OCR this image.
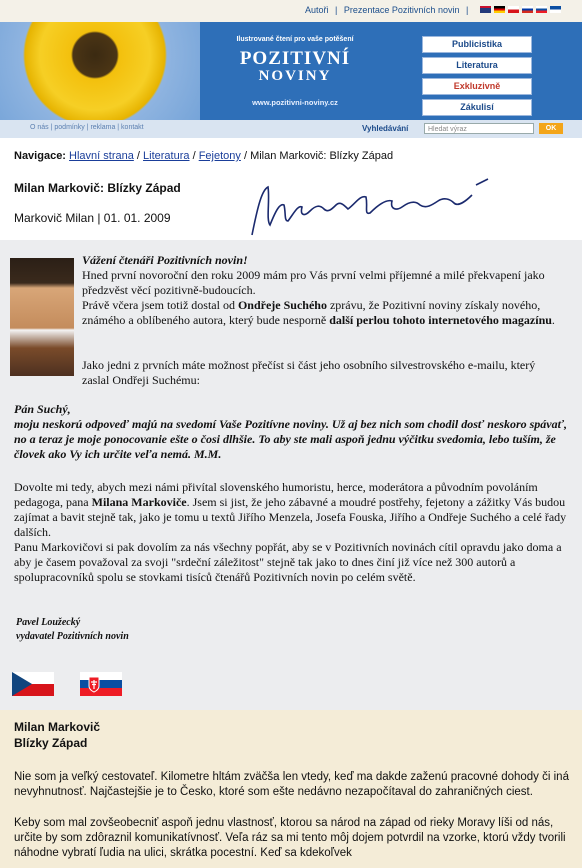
Autoři | Prezentace Pozitivních novin |
Ilustrované čtení pro vaše potěšení
POZITIVNÍ
NOVINY
www.pozitivni-noviny.cz
Publicistika
Literatura
Exkluzivně
Zákulisí
O nás | podmínky | reklama | kontakt	Vyhledávání	Hledat výraz	OK
Navigace: Hlavní strana / Literatura / Fejetony / Milan Markovič: Blízky Západ
Milan Markovič: Blízky Západ
Markovič Milan | 01. 01. 2009
Vážení čtenáři Pozitivních novin!
Hned první novoroční den roku 2009 mám pro Vás první velmi příjemné a milé překvapení jako předzvěst věcí pozitivně-budoucích.
Právě včera jsem totiž dostal od Ondřeje Suchého zprávu, že Pozitivní noviny získaly nového, známého a oblíbeného autora, který bude nesporně další perlou tohoto internetového magazínu.
Jako jedni z prvních máte možnost přečíst si část jeho osobního silvestrovského e-mailu, který zaslal Ondřeji Suchému:
Pán Suchý,
moju neskorú odpoveď majú na svedomí Vaše Pozitívne noviny. Už aj bez nich som chodil dosť neskoro spávať, no a teraz je moje ponocovanie ešte o čosi dlhšie. To aby ste mali aspoň jednu výčitku svedomia, lebo tuším, že človek ako Vy ich určite veľa nemá. M.M.
Dovolte mi tedy, abych mezi námi přivítal slovenského humoristu, herce, moderátora a původním povoláním pedagoga, pana Milana Markoviče. Jsem si jist, že jeho zábavné a moudré postřehy, fejetony a zážitky Vás budou zajímat a bavit stejně tak, jako je tomu u textů Jiřího Menzela, Josefa Fouska, Jiřího a Ondřeje Suchého a celé řady dalších.
Panu Markovičovi si pak dovolím za nás všechny popřát, aby se v Pozitivních novinách cítil opravdu jako doma a aby je časem považoval za svoji "srdeční záležitost" stejně tak jako to dnes činí již více než 300 autorů a spolupracovníků spolu se stovkami tisíců čtenářů Pozitivních novin po celém světě.
Pavel Loužecký
vydavatel Pozitivních novin
Milan Markovič
Blízky Západ
Nie som ja veľký cestovateľ. Kilometre hltám zväčša len vtedy, keď ma dakde zaženú pracovné dohody či iná nevyhnutnosť. Najčastejšie je to Česko, ktoré som ešte nedávno nezapočítaval do zahraničných ciest.
Keby som mal zovšeobecniť aspoň jednu vlastnosť, ktorou sa národ na západ od rieky Moravy líši od nás, určite by som zdôraznil komunikatívnosť. Veľa ráz sa mi tento môj dojem potvrdil na vzorke, ktorú vždy tvorili náhodne vybratí ľudia na ulici, skrátka pocestní. Keď sa kdekoľvek
